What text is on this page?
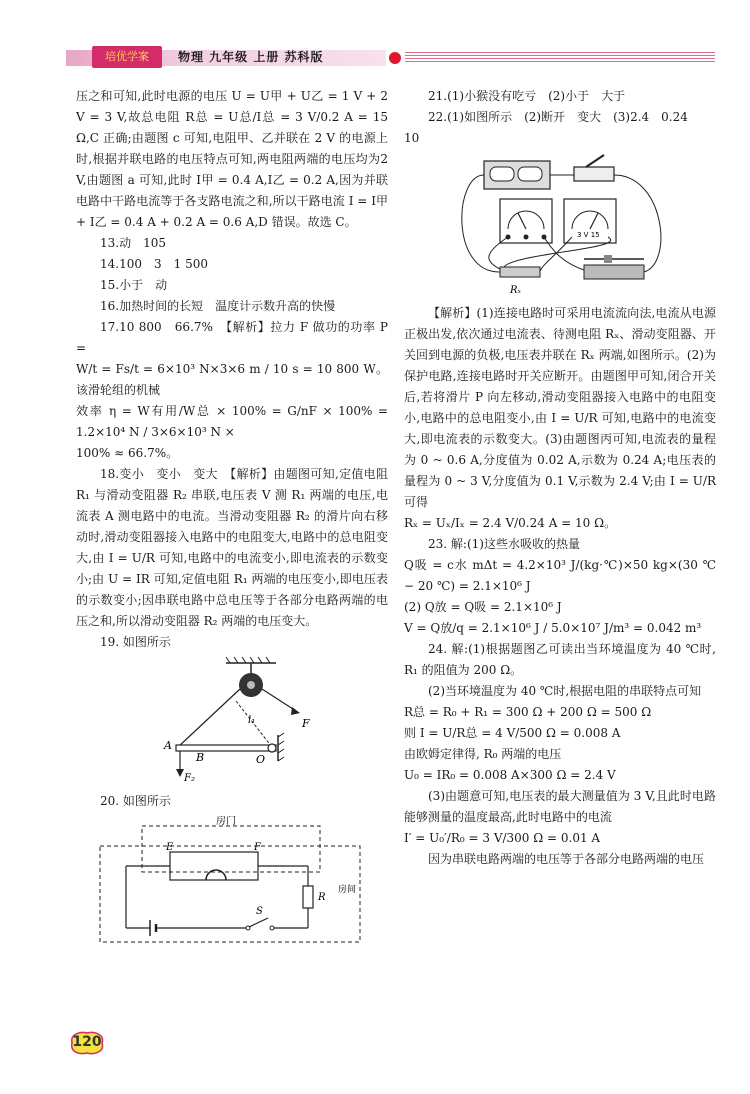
培优学案	物理 九年级 上册 苏科版

压之和可知,此时电源的电压 U = U甲 + U乙 = 1 V + 2 V = 3 V,故总电阻 R总 = U总/I总 = 3 V/0.2 A = 15 Ω,C 正确;由题图 c 可知,电阻甲、乙并联在 2 V 的电源上时,根据并联电路的电压特点可知,两电阻两端的电压均为2 V,由题图 a 可知,此时 I甲 = 0.4 A,I乙 = 0.2 A,因为并联电路中干路电流等于各支路电流之和,所以干路电流 I = I甲 + I乙 = 0.4 A + 0.2 A = 0.6 A,D 错误。故选 C。

13.动　105

14.100　3　1 500

15.小于　动

16.加热时间的长短　温度计示数升高的快慢

17.10 800　66.7%　【解析】拉力 F 做功的功率 P =

W/t = Fs/t = 6×10³ N×3×6 m / 10 s = 10 800 W。该滑轮组的机械

效率 η = W有用/W总 × 100% = G/nF × 100% = 1.2×10⁴ N / 3×6×10³ N ×

100% ≈ 66.7%。

18.变小　变小　变大　【解析】由题图可知,定值电阻 R₁ 与滑动变阻器 R₂ 串联,电压表 V 测 R₁ 两端的电压,电流表 A 测电路中的电流。当滑动变阻器 R₂ 的滑片向右移动时,滑动变阻器接入电路中的电阻变大,电路中的总电阻变大,由 I = U/R 可知,电路中的电流变小,即电流表的示数变小;由 U = IR 可知,定值电阻 R₁ 两端的电压变小,即电压表的示数变小;因串联电路中总电压等于各部分电路两端的电压之和,所以滑动变阻器 R₂ 两端的电压变大。

19. 如图所示

A
B	O
F
F₂
l₁

20. 如图所示

房门
房间
E	F
R
S

21.(1)小猴没有吃亏　(2)小于　大于

22.(1)如图所示　(2)断开　变大　(3)2.4　0.24

10

3 V 15
Rₓ

【解析】(1)连接电路时可采用电流流向法,电流从电源正极出发,依次通过电流表、待测电阻 Rₓ、滑动变阻器、开关回到电源的负极,电压表并联在 Rₓ 两端,如图所示。(2)为保护电路,连接电路时开关应断开。由题图甲可知,闭合开关后,若将滑片 P 向左移动,滑动变阻器接入电路中的电阻变小,电路中的总电阻变小,由 I = U/R 可知,电路中的电流变大,即电流表的示数变大。(3)由题图丙可知,电流表的量程为 0 ~ 0.6 A,分度值为 0.02 A,示数为 0.24 A;电压表的量程为 0 ~ 3 V,分度值为 0.1 V,示数为 2.4 V;由 I = U/R 可得

Rₓ = Uₓ/Iₓ = 2.4 V/0.24 A = 10 Ω。

23. 解:(1)这些水吸收的热量

Q吸 = c水 mΔt = 4.2×10³ J/(kg·℃)×50 kg×(30 ℃ − 20 ℃) = 2.1×10⁶ J

(2) Q放 = Q吸 = 2.1×10⁶ J

V = Q放/q = 2.1×10⁶ J / 5.0×10⁷ J/m³ = 0.042 m³

24. 解:(1)根据题图乙可读出当环境温度为 40 ℃时, R₁ 的阻值为 200 Ω。

(2)当环境温度为 40 ℃时,根据电阻的串联特点可知

R总 = R₀ + R₁ = 300 Ω + 200 Ω = 500 Ω

则 I = U/R总 = 4 V/500 Ω = 0.008 A

由欧姆定律得, R₀ 两端的电压

U₀ = IR₀ = 0.008 A×300 Ω = 2.4 V

(3)由题意可知,电压表的最大测量值为 3 V,且此时电路能够测量的温度最高,此时电路中的电流

I′ = U₀′/R₀ = 3 V/300 Ω = 0.01 A

因为串联电路两端的电压等于各部分电路两端的电压

120
